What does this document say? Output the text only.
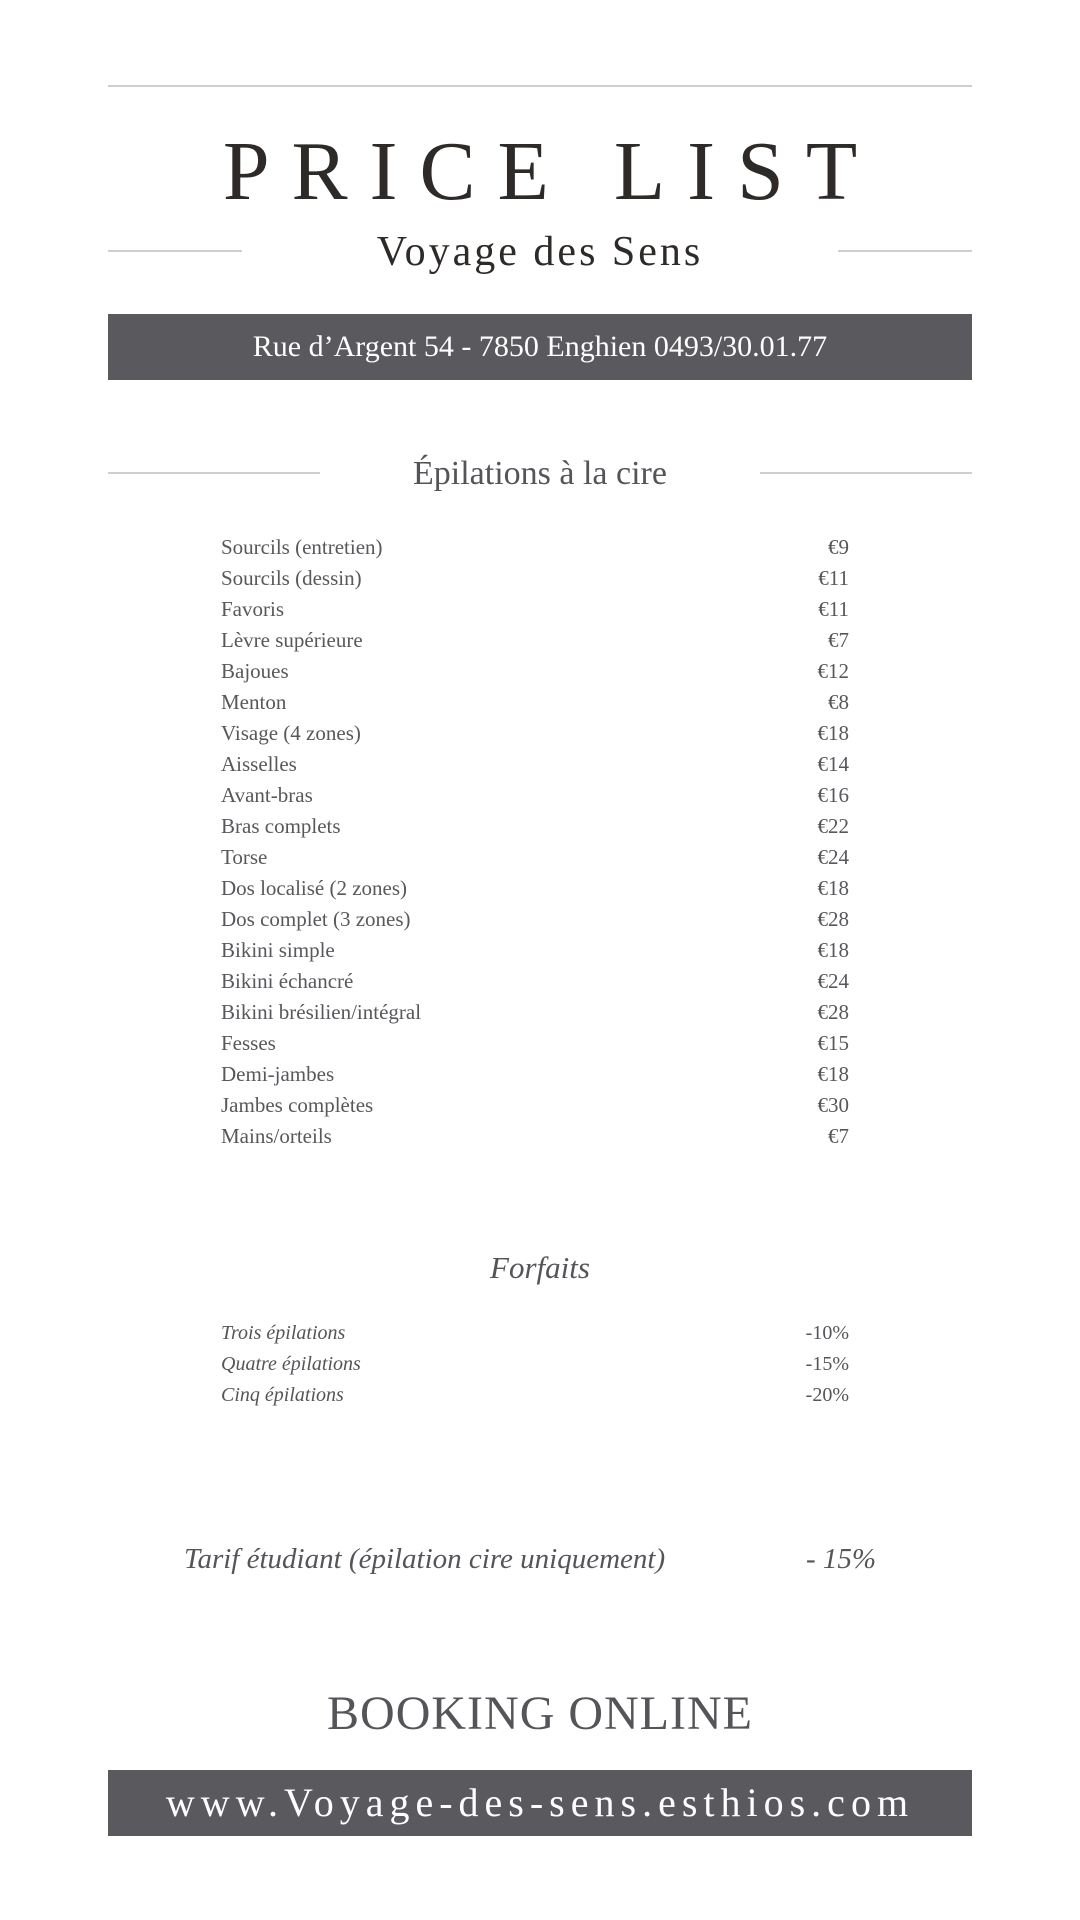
PRICE LIST
Voyage des Sens
Rue d’Argent 54 - 7850 Enghien 0493/30.01.77
Épilations à la cire
Sourcils (entretien)	€9
Sourcils (dessin)	€11
Favoris	€11
Lèvre supérieure	€7
Bajoues	€12
Menton	€8
Visage (4 zones)	€18
Aisselles	€14
Avant-bras	€16
Bras complets	€22
Torse	€24
Dos localisé (2 zones)	€18
Dos complet (3 zones)	€28
Bikini simple	€18
Bikini échancré	€24
Bikini brésilien/intégral	€28
Fesses	€15
Demi-jambes	€18
Jambes complètes	€30
Mains/orteils	€7
Forfaits
Trois épilations	-10%
Quatre épilations	-15%
Cinq épilations	-20%
Tarif étudiant (épilation cire uniquement)	- 15%
BOOKING ONLINE
www.Voyage-des-sens.esthios.com
